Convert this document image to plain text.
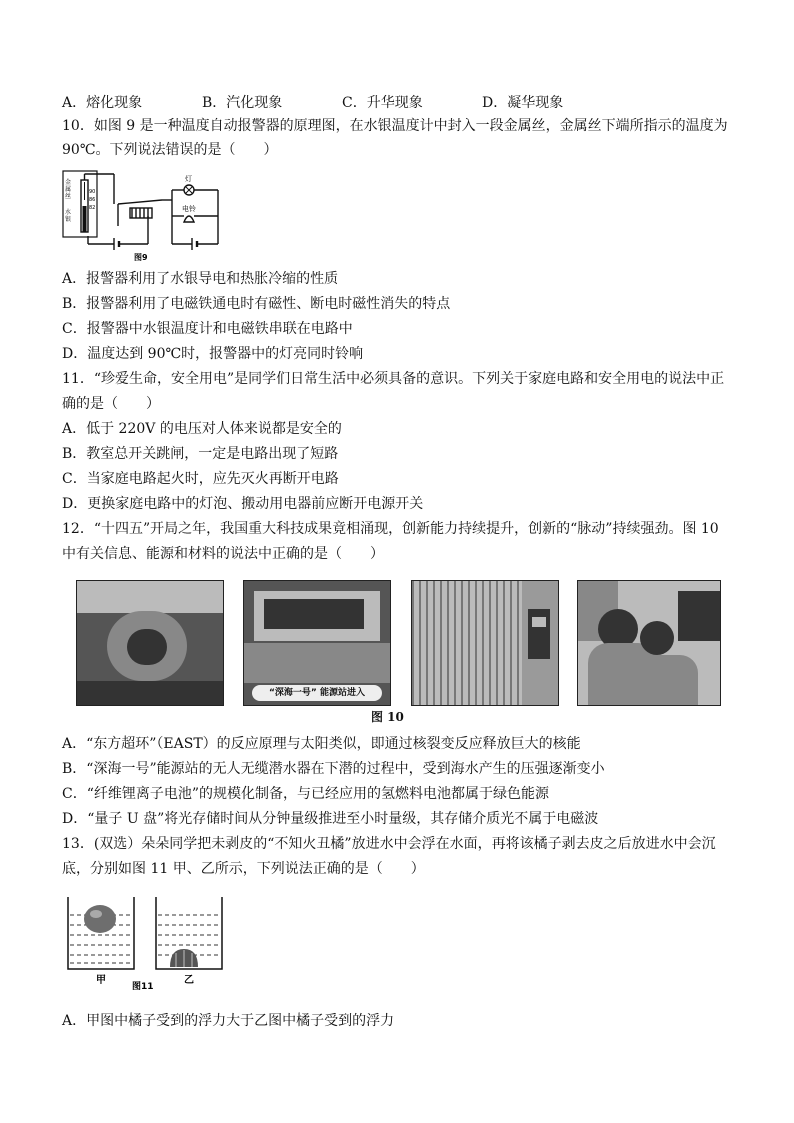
A．熔化现象	B．汽化现象	C．升华现象	D．凝华现象
10．如图 9 是一种温度自动报警器的原理图，在水银温度计中封入一段金属丝，金属丝下端所指示的温度为
90℃。下列说法错误的是（　　）
金
属
丝
水
银
90
86
82
灯
电铃
图9
A．报警器利用了水银导电和热胀冷缩的性质
B．报警器利用了电磁铁通电时有磁性、断电时磁性消失的特点
C．报警器中水银温度计和电磁铁串联在电路中
D．温度达到 90℃时，报警器中的灯亮同时铃响
11．“珍爱生命，安全用电”是同学们日常生活中必须具备的意识。下列关于家庭电路和安全用电的说法中正
确的是（　　）
A．低于 220V 的电压对人体来说都是安全的
B．教室总开关跳闸，一定是电路出现了短路
C．当家庭电路起火时，应先灭火再断开电路
D．更换家庭电路中的灯泡、搬动用电器前应断开电源开关
12．“十四五”开局之年，我国重大科技成果竟相涌现，创新能力持续提升，创新的“脉动”持续强劲。图 10
中有关信息、能源和材料的说法中正确的是（　　）
“深海一号” 能源站进入
图 10
A．“东方超环”（EAST）的反应原理与太阳类似，即通过核裂变反应释放巨大的核能
B．“深海一号”能源站的无人无缆潜水器在下潜的过程中，受到海水产生的压强逐渐变小
C．“纤维锂离子电池”的规模化制备，与已经应用的氢燃料电池都属于绿色能源
D．“量子 U 盘”将光存储时间从分钟量级推进至小时量级，其存储介质光不属于电磁波
13．(双选）朵朵同学把未剥皮的“不知火丑橘”放进水中会浮在水面，再将该橘子剥去皮之后放进水中会沉
底，分别如图 11 甲、乙所示，下列说法正确的是（　　）
甲	乙
图11
A．甲图中橘子受到的浮力大于乙图中橘子受到的浮力
